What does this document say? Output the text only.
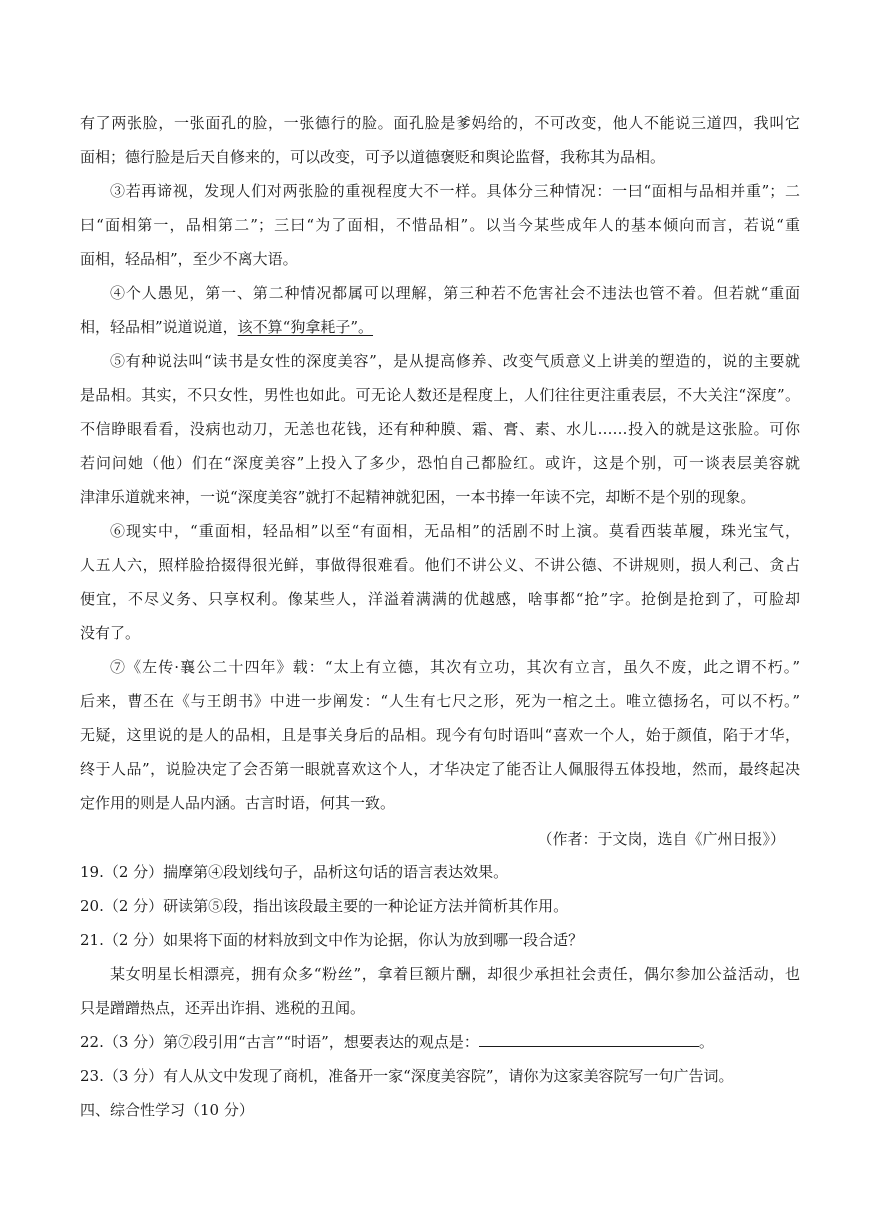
有了两张脸，一张面孔的脸，一张德行的脸。面孔脸是爹妈给的，不可改变，他人不能说三道四，我叫它
面相；德行脸是后天自修来的，可以改变，可予以道德褒贬和舆论监督，我称其为品相。
③若再谛视，发现人们对两张脸的重视程度大不一样。具体分三种情况：一曰“面相与品相并重”；二
曰“面相第一，品相第二”；三曰“为了面相，不惜品相”。以当今某些成年人的基本倾向而言，若说“重
面相，轻品相”，至少不离大语。
④个人愚见，第一、第二种情况都属可以理解，第三种若不危害社会不违法也管不着。但若就“重面
相，轻品相”说道说道，该不算“狗拿耗子”。
⑤有种说法叫“读书是女性的深度美容”，是从提高修养、改变气质意义上讲美的塑造的，说的主要就
是品相。其实，不只女性，男性也如此。可无论人数还是程度上，人们往往更注重表层，不大关注“深度”。
不信睁眼看看，没病也动刀，无恙也花钱，还有种种膜、霜、膏、素、水儿……投入的就是这张脸。可你
若问问她（他）们在“深度美容”上投入了多少，恐怕自己都脸红。或许，这是个别，可一谈表层美容就
津津乐道就来神，一说“深度美容”就打不起精神就犯困，一本书捧一年读不完，却断不是个别的现象。
⑥现实中，“重面相，轻品相”以至“有面相，无品相”的活剧不时上演。莫看西装革履，珠光宝气，
人五人六，照样脸拾掇得很光鲜，事做得很难看。他们不讲公义、不讲公德、不讲规则，损人利己、贪占
便宜，不尽义务、只享权利。像某些人，洋溢着满满的优越感，啥事都“抢”字。抢倒是抢到了，可脸却
没有了。
⑦《左传·襄公二十四年》载：“太上有立德，其次有立功，其次有立言，虽久不废，此之谓不朽。”
后来，曹丕在《与王朗书》中进一步阐发：“人生有七尺之形，死为一棺之土。唯立德扬名，可以不朽。”
无疑，这里说的是人的品相，且是事关身后的品相。现今有句时语叫“喜欢一个人，始于颜值，陷于才华，
终于人品”，说脸决定了会否第一眼就喜欢这个人，才华决定了能否让人佩服得五体投地，然而，最终起决
定作用的则是人品内涵。古言时语，何其一致。
（作者：于文岗，选自《广州日报》）
19.（2 分）揣摩第④段划线句子，品析这句话的语言表达效果。
20.（2 分）研读第⑤段，指出该段最主要的一种论证方法并简析其作用。
21.（2 分）如果将下面的材料放到文中作为论据，你认为放到哪一段合适？
某女明星长相漂亮，拥有众多“粉丝”，拿着巨额片酬，却很少承担社会责任，偶尔参加公益活动，也
只是蹭蹭热点，还弄出诈捐、逃税的丑闻。
22.（3 分）第⑦段引用“古言”“时语”，想要表达的观点是：	。
23.（3 分）有人从文中发现了商机，准备开一家“深度美容院”，请你为这家美容院写一句广告词。
四、综合性学习（10 分）
